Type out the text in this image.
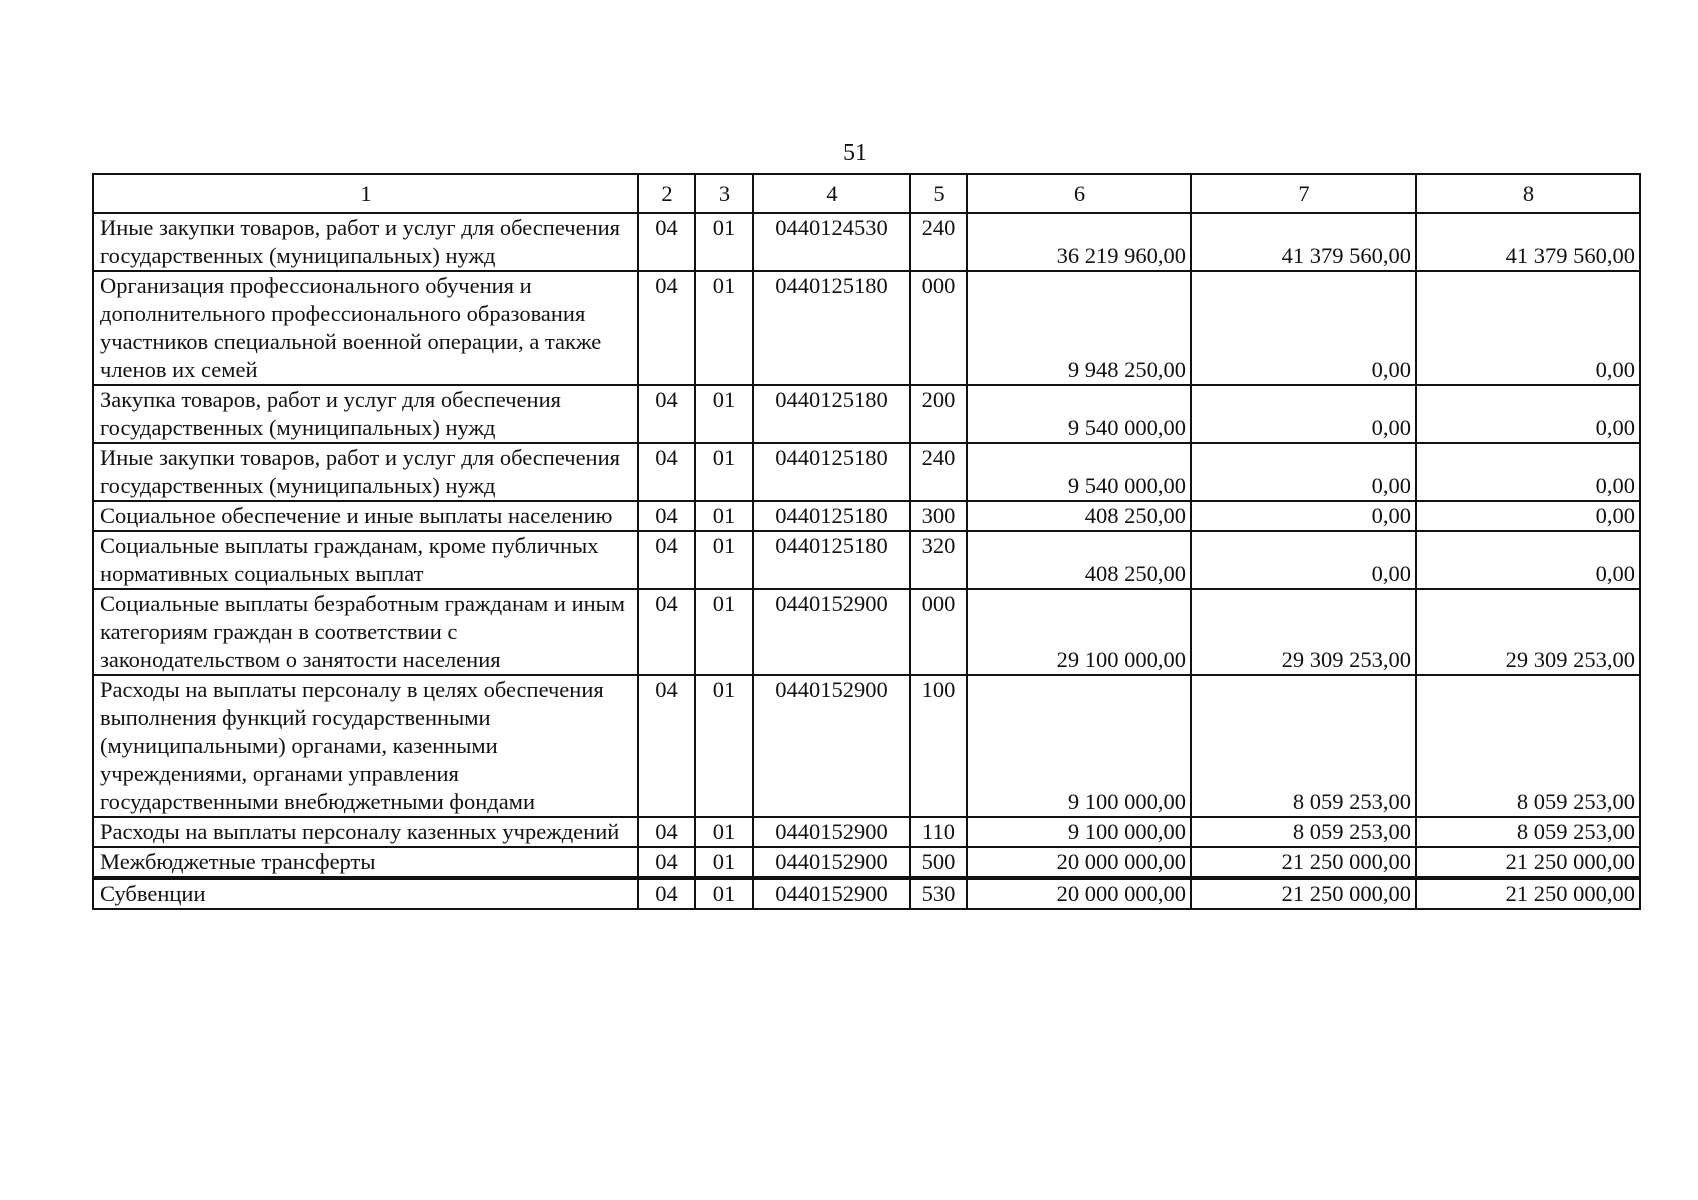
51
1	2	3	4	5	6	7	8
Иные закупки товаров, работ и услуг для обеспечения государственных (муниципальных) нужд	04	01	0440124530	240	36 219 960,00	41 379 560,00	41 379 560,00
Организация профессионального обучения и дополнительного профессионального образования участников специальной военной операции, а также членов их семей	04	01	0440125180	000	9 948 250,00	0,00	0,00
Закупка товаров, работ и услуг для обеспечения государственных (муниципальных) нужд	04	01	0440125180	200	9 540 000,00	0,00	0,00
Иные закупки товаров, работ и услуг для обеспечения государственных (муниципальных) нужд	04	01	0440125180	240	9 540 000,00	0,00	0,00
Социальное обеспечение и иные выплаты населению	04	01	0440125180	300	408 250,00	0,00	0,00
Социальные выплаты гражданам, кроме публичных нормативных социальных выплат	04	01	0440125180	320	408 250,00	0,00	0,00
Социальные выплаты безработным гражданам и иным категориям граждан в соответствии с законодательством о занятости населения	04	01	0440152900	000	29 100 000,00	29 309 253,00	29 309 253,00
Расходы на выплаты персоналу в целях обеспечения выполнения функций государственными (муниципальными) органами, казенными учреждениями, органами управления государственными внебюджетными фондами	04	01	0440152900	100	9 100 000,00	8 059 253,00	8 059 253,00
Расходы на выплаты персоналу казенных учреждений	04	01	0440152900	110	9 100 000,00	8 059 253,00	8 059 253,00
Межбюджетные трансферты	04	01	0440152900	500	20 000 000,00	21 250 000,00	21 250 000,00
Субвенции	04	01	0440152900	530	20 000 000,00	21 250 000,00	21 250 000,00
